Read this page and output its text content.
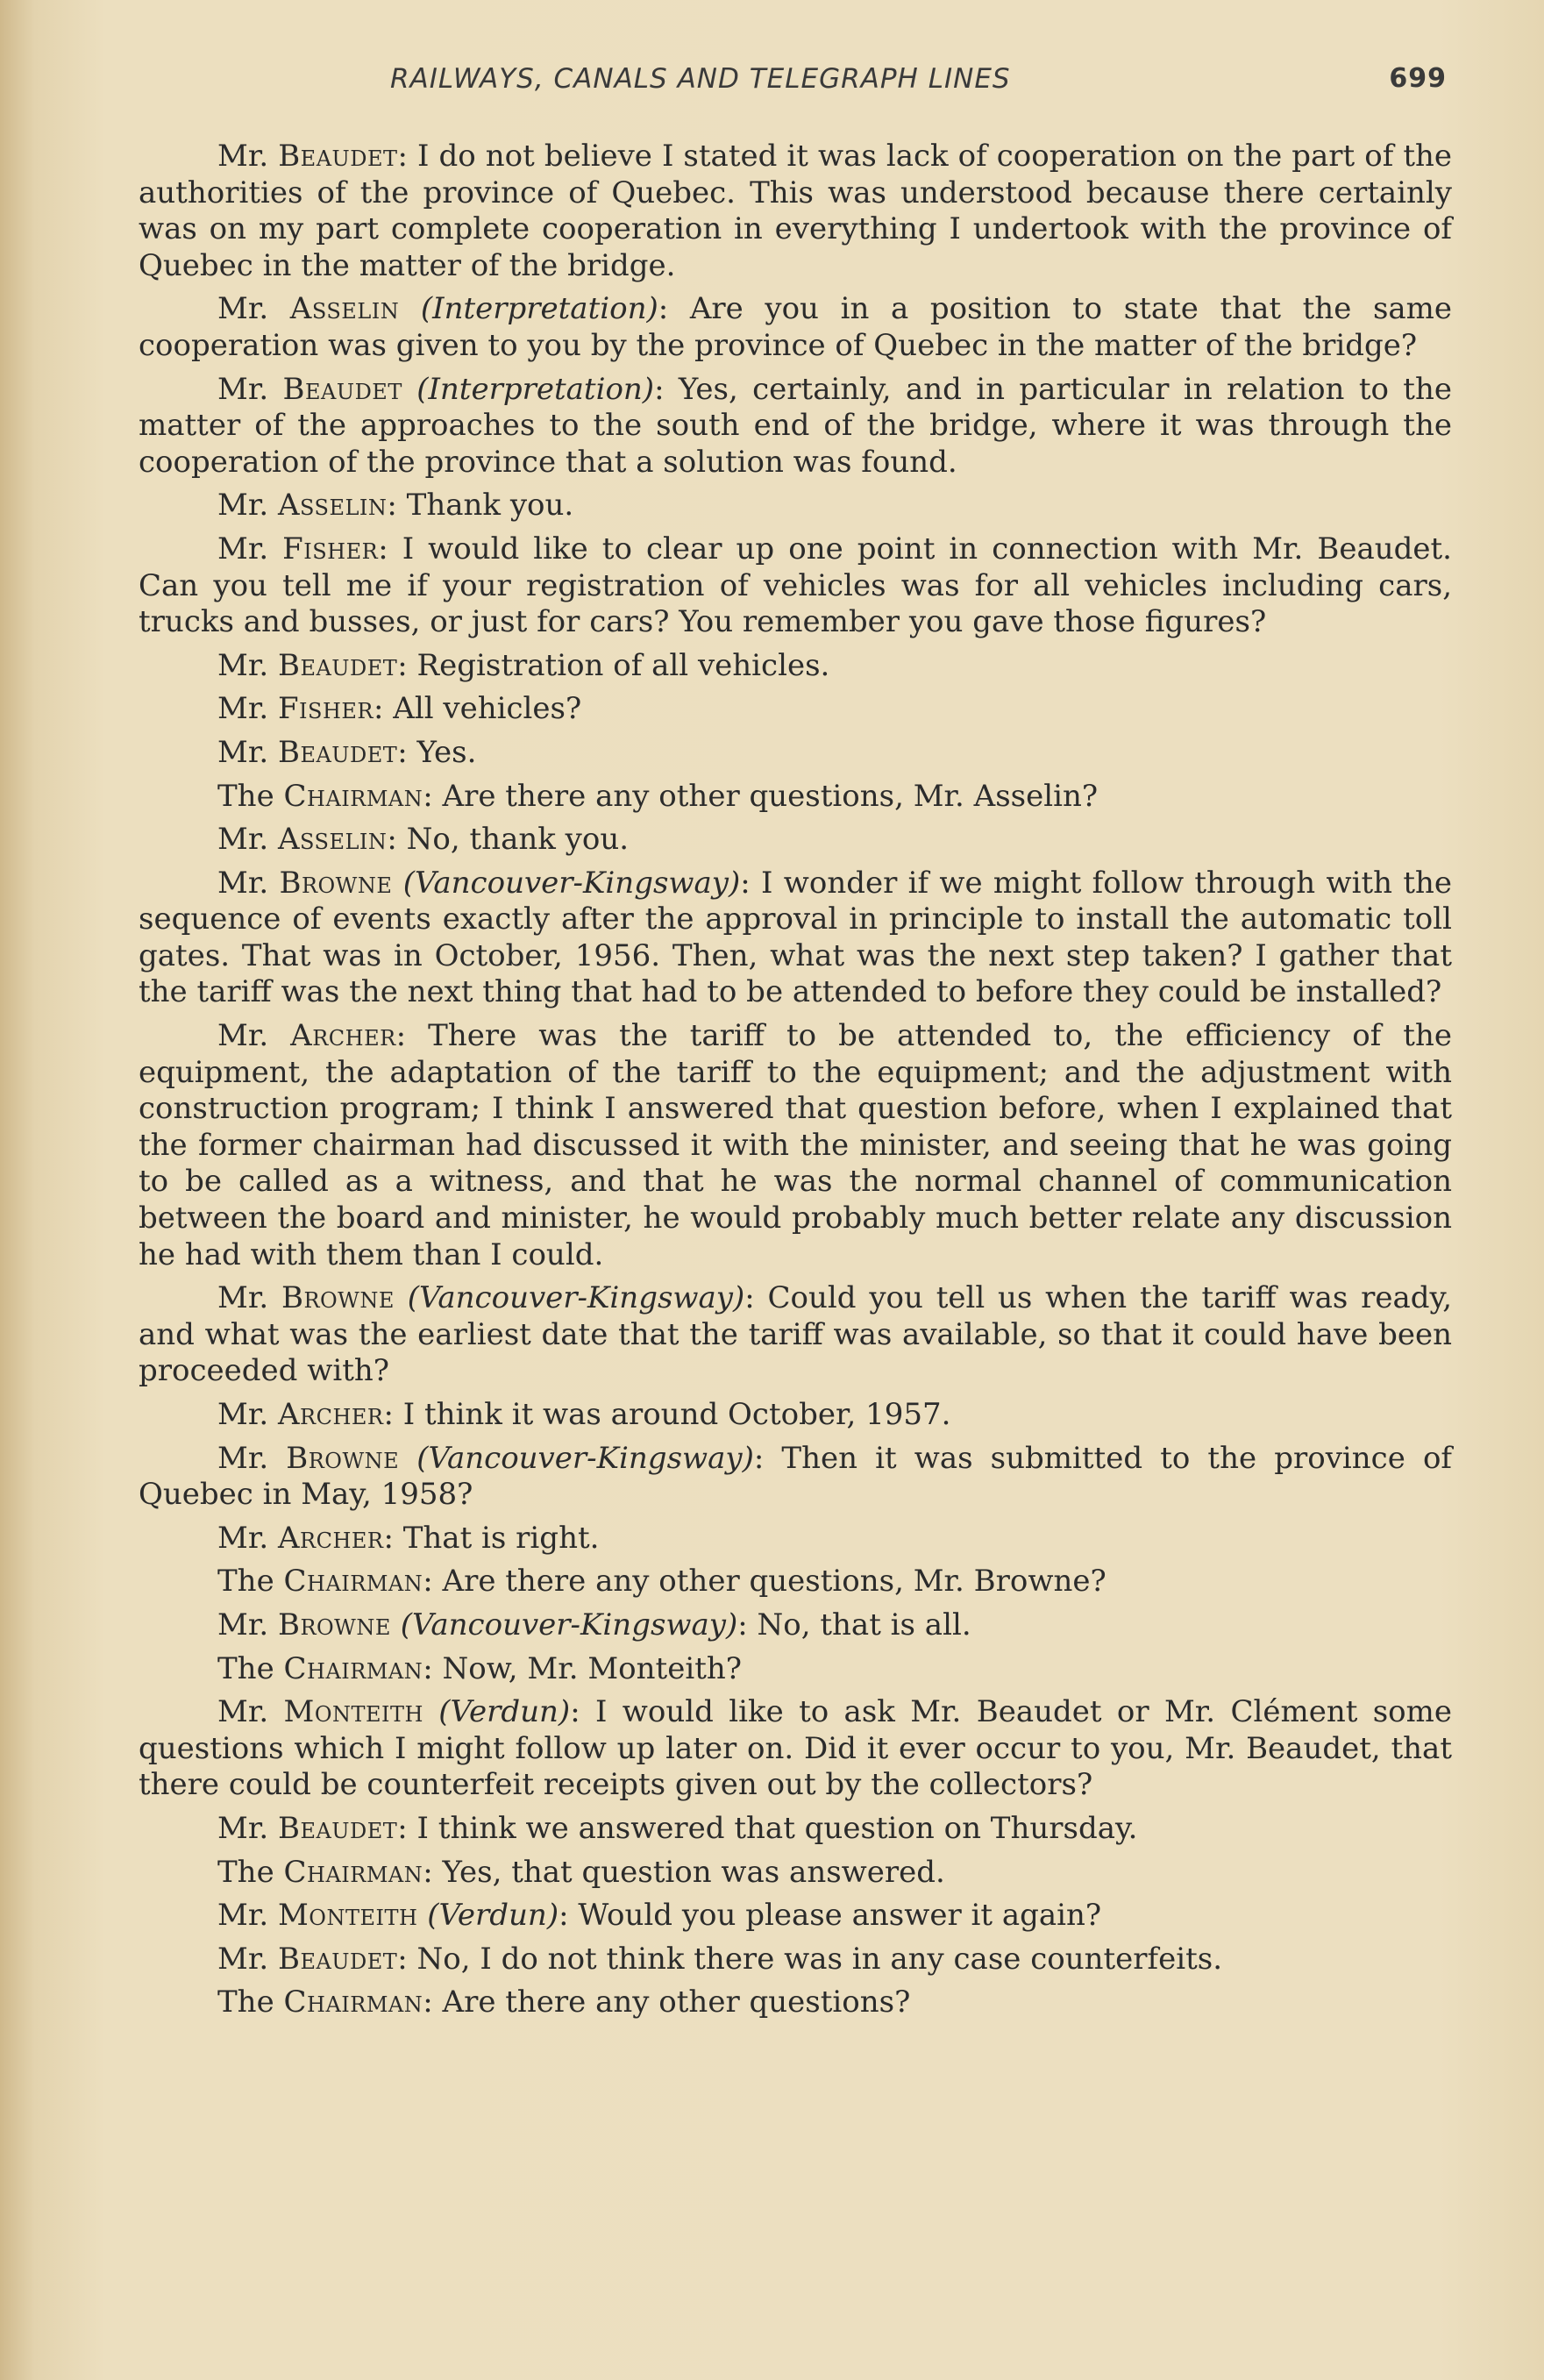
RAILWAYS, CANALS AND TELEGRAPH LINES	699

Mr. Beaudet: I do not believe I stated it was lack of cooperation on the part of the authorities of the province of Quebec. This was understood because there certainly was on my part complete cooperation in everything I undertook with the province of Quebec in the matter of the bridge.

Mr. Asselin (Interpretation): Are you in a position to state that the same cooperation was given to you by the province of Quebec in the matter of the bridge?

Mr. Beaudet (Interpretation): Yes, certainly, and in particular in relation to the matter of the approaches to the south end of the bridge, where it was through the cooperation of the province that a solution was found.

Mr. Asselin: Thank you.

Mr. Fisher: I would like to clear up one point in connection with Mr. Beaudet. Can you tell me if your registration of vehicles was for all vehicles including cars, trucks and busses, or just for cars? You remember you gave those figures?

Mr. Beaudet: Registration of all vehicles.

Mr. Fisher: All vehicles?

Mr. Beaudet: Yes.

The Chairman: Are there any other questions, Mr. Asselin?

Mr. Asselin: No, thank you.

Mr. Browne (Vancouver-Kingsway): I wonder if we might follow through with the sequence of events exactly after the approval in principle to install the automatic toll gates. That was in October, 1956. Then, what was the next step taken? I gather that the tariff was the next thing that had to be attended to before they could be installed?

Mr. Archer: There was the tariff to be attended to, the efficiency of the equipment, the adaptation of the tariff to the equipment; and the adjustment with construction program; I think I answered that question before, when I explained that the former chairman had discussed it with the minister, and seeing that he was going to be called as a witness, and that he was the normal channel of communication between the board and minister, he would probably much better relate any discussion he had with them than I could.

Mr. Browne (Vancouver-Kingsway): Could you tell us when the tariff was ready, and what was the earliest date that the tariff was available, so that it could have been proceeded with?

Mr. Archer: I think it was around October, 1957.

Mr. Browne (Vancouver-Kingsway): Then it was submitted to the province of Quebec in May, 1958?

Mr. Archer: That is right.

The Chairman: Are there any other questions, Mr. Browne?

Mr. Browne (Vancouver-Kingsway): No, that is all.

The Chairman: Now, Mr. Monteith?

Mr. Monteith (Verdun): I would like to ask Mr. Beaudet or Mr. Clément some questions which I might follow up later on. Did it ever occur to you, Mr. Beaudet, that there could be counterfeit receipts given out by the collectors?

Mr. Beaudet: I think we answered that question on Thursday.

The Chairman: Yes, that question was answered.

Mr. Monteith (Verdun): Would you please answer it again?

Mr. Beaudet: No, I do not think there was in any case counterfeits.

The Chairman: Are there any other questions?
